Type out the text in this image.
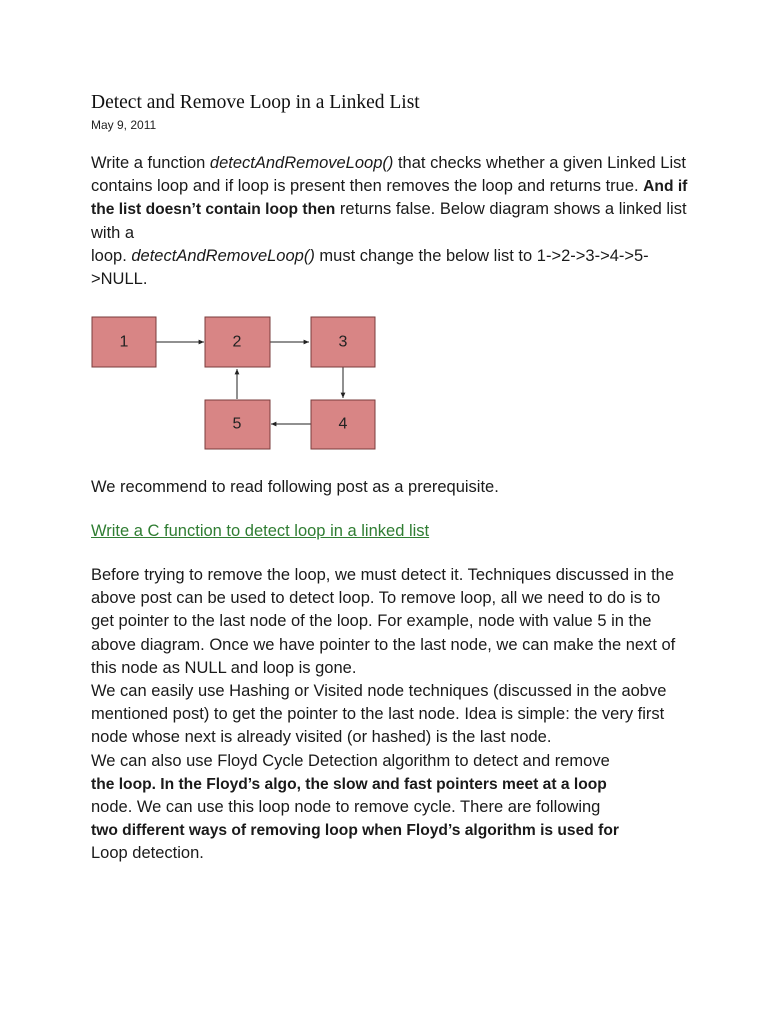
Detect and Remove Loop in a Linked List
May 9, 2011

Write a function detectAndRemoveLoop() that checks whether a given Linked List contains loop and if loop is present then removes the loop and returns true. And if the list doesn’t contain loop then returns false. Below diagram shows a linked list with a
loop. detectAndRemoveLoop() must change the below list to 1->2->3->4->5->NULL.

1	2	3
5	4

We recommend to read following post as a prerequisite.

Write a C function to detect loop in a linked list

Before trying to remove the loop, we must detect it. Techniques discussed in the above post can be used to detect loop. To remove loop, all we need to do is to get pointer to the last node of the loop. For example, node with value 5 in the above diagram. Once we have pointer to the last node, we can make the next of this node as NULL and loop is gone.
We can easily use Hashing or Visited node techniques (discussed in the aobve mentioned post) to get the pointer to the last node. Idea is simple: the very first node whose next is already visited (or hashed) is the last node.
We can also use Floyd Cycle Detection algorithm to detect and remove
the loop. In the Floyd’s algo, the slow and fast pointers meet at a loop
node. We can use this loop node to remove cycle. There are following
two different ways of removing loop when Floyd’s algorithm is used for
Loop detection.
